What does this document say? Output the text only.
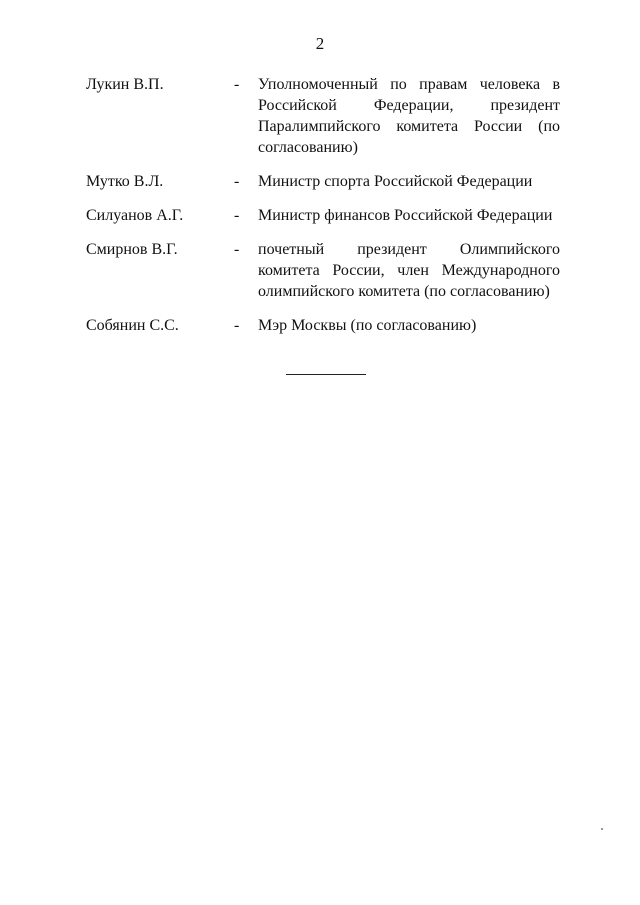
2
Лукин В.П.	-	Уполномоченный по правам человека в Российской Федерации, президент Паралимпийского комитета России (по согласованию)
Мутко В.Л.	-	Министр спорта Российской Федерации
Силуанов А.Г.	-	Министр финансов Российской Федерации
Смирнов В.Г.	-	почетный президент Олимпийского комитета России, член Международного олимпийского комитета (по согласованию)
Собянин С.С.	-	Мэр Москвы (по согласованию)
